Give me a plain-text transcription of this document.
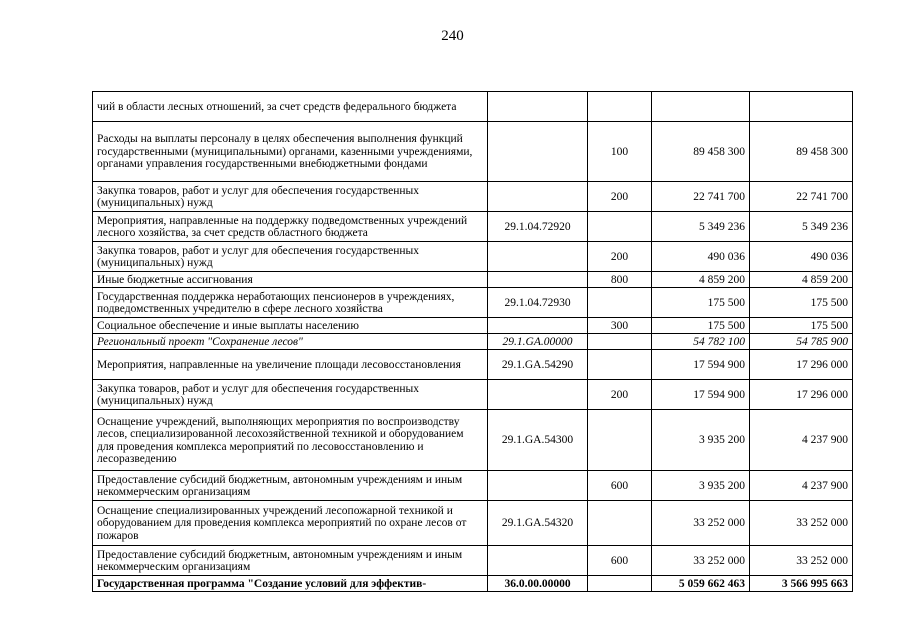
240
чий в области лесных отношений, за счет средств федерального бюджета				
Расходы на выплаты персоналу в целях обеспечения выполнения функций государственными (муниципальными) органами, казенными учреждениями, органами управления государственными внебюджетными фондами		100	89 458 300	89 458 300
Закупка товаров, работ и услуг для обеспечения государственных (муниципальных) нужд		200	22 741 700	22 741 700
Мероприятия, направленные на поддержку подведомственных учреждений лесного хозяйства, за счет средств областного бюджета	29.1.04.72920		5 349 236	5 349 236
Закупка товаров, работ и услуг для обеспечения государственных (муниципальных) нужд		200	490 036	490 036
Иные бюджетные ассигнования		800	4 859 200	4 859 200
Государственная поддержка неработающих пенсионеров в учреждениях, подведомственных учредителю в сфере лесного хозяйства	29.1.04.72930		175 500	175 500
Социальное обеспечение и иные выплаты населению		300	175 500	175 500
Региональный проект "Сохранение лесов"	29.1.GA.00000		54 782 100	54 785 900
Мероприятия, направленные на увеличение площади лесовосстановления	29.1.GA.54290		17 594 900	17 296 000
Закупка товаров, работ и услуг для обеспечения государственных (муниципальных) нужд		200	17 594 900	17 296 000
Оснащение учреждений, выполняющих мероприятия по воспроизводству лесов, специализированной лесохозяйственной техникой и оборудованием для проведения комплекса мероприятий по лесовосстановлению и лесоразведению	29.1.GA.54300		3 935 200	4 237 900
Предоставление субсидий бюджетным, автономным учреждениям и иным некоммерческим организациям		600	3 935 200	4 237 900
Оснащение специализированных учреждений лесопожарной техникой и оборудованием для проведения комплекса мероприятий по охране лесов от пожаров	29.1.GA.54320		33 252 000	33 252 000
Предоставление субсидий бюджетным, автономным учреждениям и иным некоммерческим организациям		600	33 252 000	33 252 000
Государственная программа "Создание условий для эффектив-	36.0.00.00000		5 059 662 463	3 566 995 663
